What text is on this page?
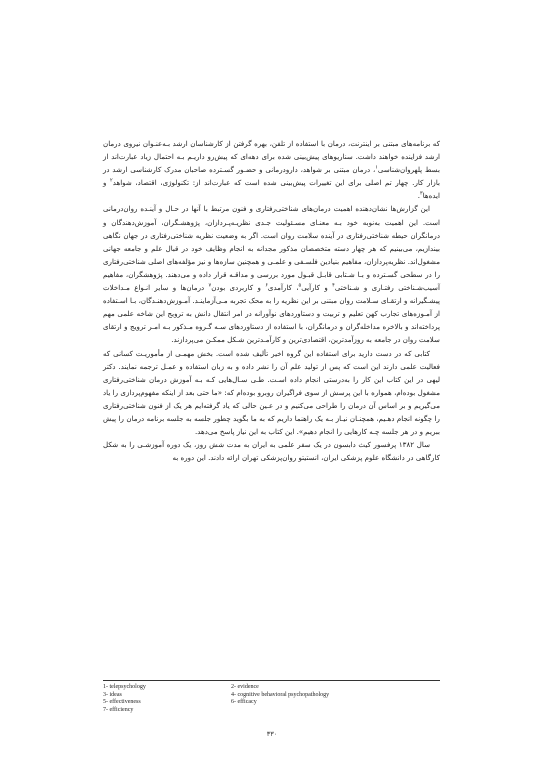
که برنامه‌های مبتنی بر اینترنت، درمان با استفاده از تلفن، بهره گرفتن از کارشناسان ارشد بـه‌عنـوان نیروی درمان ارشد فزاینده خواهند داشت. سناریوهای پیش‌بینی شده برای دهه‌ای که پیش‌رو داریـم بـه احتمال زیاد عبارت‌اند از بسط پلهروان‌شناسی$^۱$، درمان مبتنی بر شواهد، دارودرمانی و حضـور گسـترده صاحبان مدرک کارشناسی ارشد در بازار کار. چهار تم اصلی برای این تغییرات پیش‌بینی شده است که عبارت‌اند از: تکنولوژی، اقتصاد، شواهد$^۲$ و ایده‌ها$^۳$.

این گزارش‌ها نشان‌دهنده اهمیت درمان‌های شناختی‌رفتاری و فنون مرتبط با آنها در حـال و آینـده روان‌درمانی است. این اهمیت به‌نوبه خود بـه معنـای مسـئولیت جـدی نظریـه‌پـردازان، پژوهشـگران، آموزش‌دهندگان و درمانگران حیطه شناختی‌رفتاری در آینده سلامت روان است. اگر به وضعیت نظریه شناختی‌رفتاری در جهان نگاهی بیندازیم، می‌بینیم که هر چهار دسته متخصصان مذکور مجدانه به انجام وظایف خود در قبال علم و جامعه جهانی مشغول‌اند. نظریه‌پردازان، مفاهیم بنیادین فلسـفی و علمـی و همچنین سازه‌ها و نیز مؤلفه‌های اصلی شناختی‌رفتاری را در سطحی گسـترده و بـا شـتابی قابـل قبـول مورد بررسی و مداقـه قرار داده و می‌دهند. پژوهشگران، مفاهیم آسیب‌شـناختی رفتـاری و شـناختی$^۴$ و کارآیی$^۵$، کارآمدی$^۶$ و کاربردی بودن$^۷$ درمان‌ها و سایر انـواع مـداخلات پیشـگیرانه و ارتقـای سـلامت روان مبتنی بر این نظریه را به محک تجربه مـی‌آزماینـد. آمـوزش‌دهنـدگان، بـا اسـتفاده از آمـوزه‌های تجارب کهن تعلیم و تربیت و دستاوردهای نوآورانه در امر انتقال دانش به ترویج این شاخه علمی مهم پرداخته‌اند و بالاخره مداخله‌گران و درمانگران، با استفاده از دستاوردهای سـه گـروه مـذکور بـه امـر ترویج و ارتقای سلامت روان در جامعه به روزآمدترین، اقتصادی‌ترین و کارآمـدترین شـکل ممکـن می‌پردازند.

کتابی که در دست دارید برای استفاده این گروه اخیر تألیف شده است. بخش مهمـی از مأموریـت کسانی که فعالیت علمی دارند این است که پس از تولید علم آن را نشر داده و به زبان استفاده و عمـل ترجمه نمایند. دکتر لیهی در این کتاب این کار را به‌درستی انجام داده اسـت. طـی سـال‌هایی کـه بـه آموزش درمان شناختی‌رفتاری مشغول بوده‌ام، همواره با این پرسش از سوی فراگیران روبرو بوده‌ام که: «ما حتی بعد از اینکه مفهوم‌پردازی را یاد می‌گیریم و بر اساس آن درمان را طراحی می‌کنیم و در عـین حالی که یاد گرفته‌ایم هر یک از فنون شناختی‌رفتاری را چگونه انجام دهـیم، همچنـان نیـاز بـه یک راهنما داریم که به ما بگوید چطور جلسه به جلسه برنامه درمان را پیش ببریم و در هر جلسه چـه کارهایی را انجام دهیم». این کتاب به این نیاز پاسخ می‌دهد.

سال ۱۳۸۲ پرفسور کیث دابسون در یک سفر علمی به ایران به مدت شش روز، یک دوره آموزشـی را به شکل کارگاهی در دانشگاه علوم پزشکی ایران، انستیتو روان‌پزشکی تهران ارائه دادند. این دوره به

1- telepsychology	2- evidence
3- ideas	4- cognitive behavioral psychopathology
5- effectiveness	6- efficacy
7- efficiency
۳۳۰
